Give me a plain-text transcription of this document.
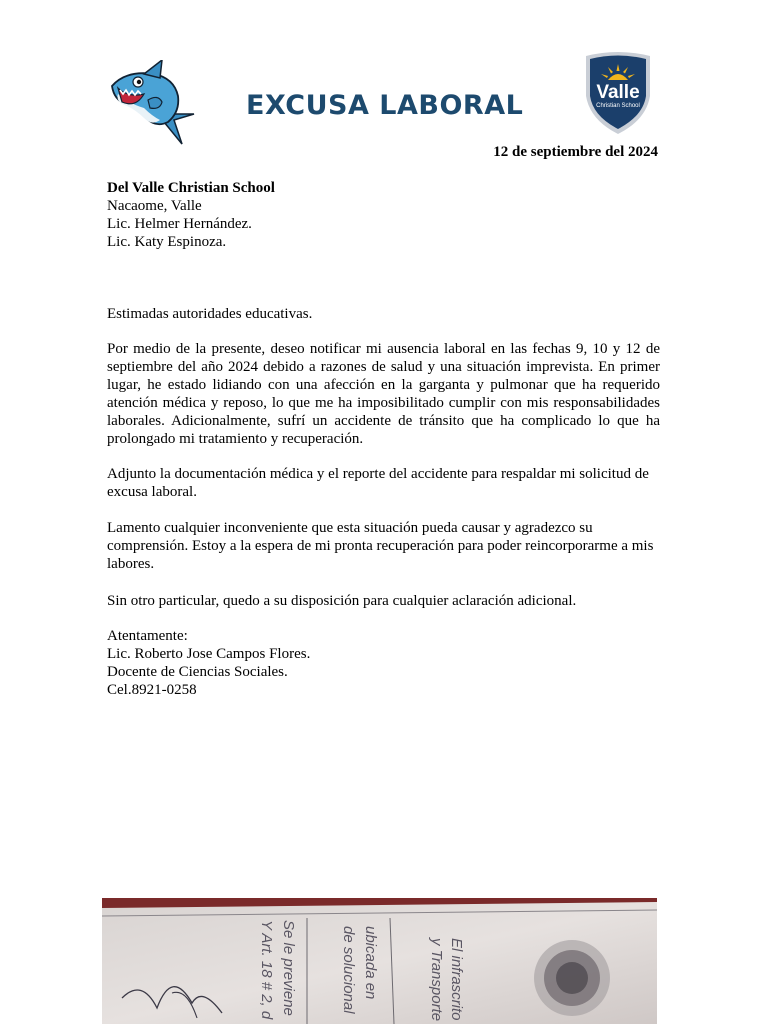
EXCUSA LABORAL	Valle
Christian School
12 de septiembre del 2024
Del Valle Christian School
Nacaome, Valle
Lic. Helmer Hernández.
Lic. Katy Espinoza.
Estimadas autoridades educativas.
Por medio de la presente, deseo notificar mi ausencia laboral en las fechas 9, 10 y 12 de septiembre del año 2024 debido a razones de salud y una situación imprevista. En primer lugar, he estado lidiando con una afección en la garganta y pulmonar que ha requerido atención médica y reposo, lo que me ha imposibilitado cumplir con mis responsabilidades laborales. Adicionalmente, sufrí un accidente de tránsito que ha complicado lo que ha prolongado mi tratamiento y recuperación.
Adjunto la documentación médica y el reporte del accidente para respaldar mi solicitud de excusa laboral.
Lamento cualquier inconveniente que esta situación pueda causar y agradezco su comprensión. Estoy a la espera de mi pronta recuperación para poder reincorporarme a mis labores.
Sin otro particular, quedo a su disposición para cualquier aclaración adicional.
Atentamente:
Lic. Roberto Jose Campos Flores.
Docente de Ciencias Sociales.
Cel.8921-0258
El infrascrito
y Transporte
ubicada en
de solucional
Se le previene
Y Art. 18 # 2, d
